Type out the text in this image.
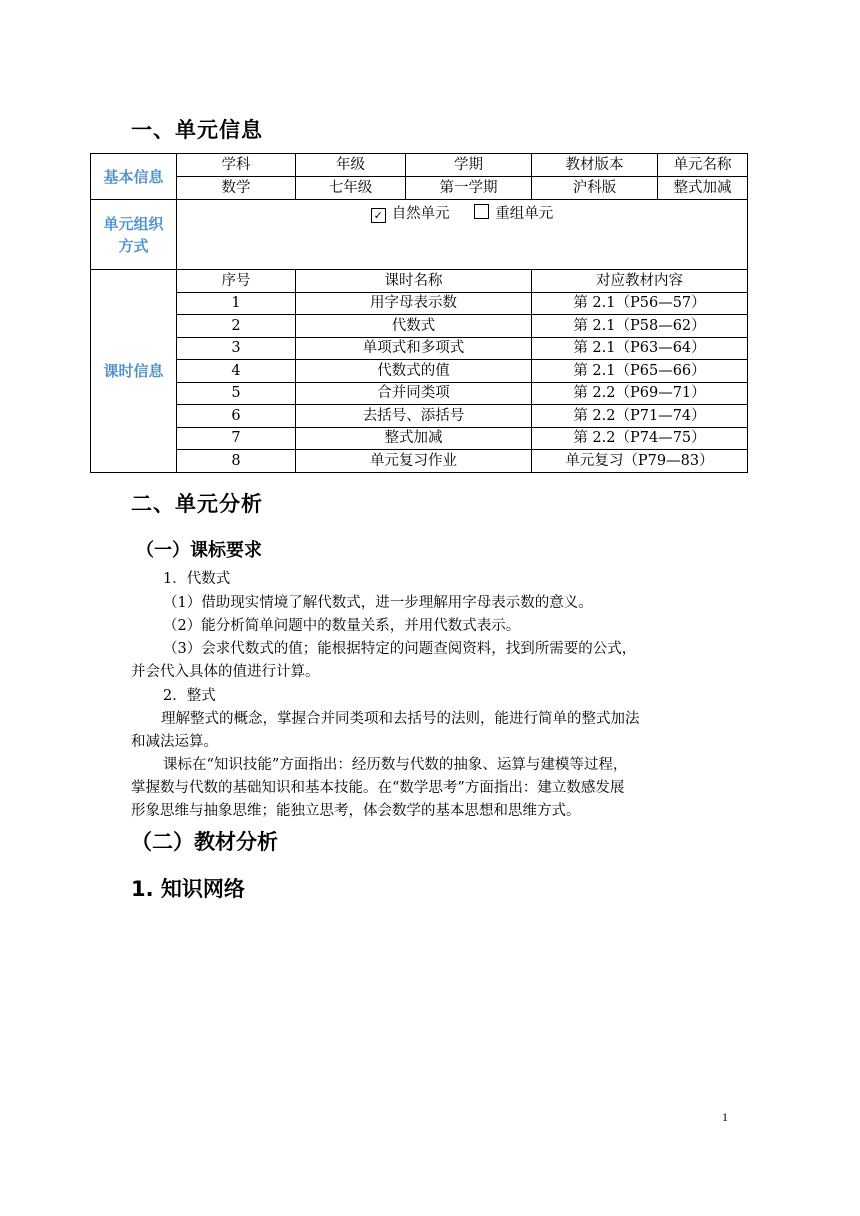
一、单元信息
基本信息	学科	年级	学期	教材版本	单元名称
	数学	七年级	第一学期	沪科版	整式加减

单元组织
方式	✓ 自然单元 重组单元				
课时信息	序号	课时名称		对应教材内容	
	1	用字母表示数		第 2.1（P56—57）	
	2	代数式		第 2.1（P58—62）	
	3	单项式和多项式		第 2.1（P63—64）	
	4	代数式的值		第 2.1（P65—66）	
	5	合并同类项		第 2.2（P69—71）	
	6	去括号、添括号		第 2.2（P71—74）	
	7	整式加减		第 2.2（P74—75）	
	8	单元复习作业		单元复习（P79—83）	
二、单元分析
（一）课标要求
1．代数式
（1）借助现实情境了解代数式，进一步理解用字母表示数的意义。
（2）能分析简单问题中的数量关系，并用代数式表示。
（3）会求代数式的值；能根据特定的问题查阅资料，找到所需要的公式，
并会代入具体的值进行计算。
2．整式
理解整式的概念，掌握合并同类项和去括号的法则，能进行简单的整式加法
和减法运算。
课标在“知识技能”方面指出：经历数与代数的抽象、运算与建模等过程，
掌握数与代数的基础知识和基本技能。在“数学思考”方面指出：建立数感发展
形象思维与抽象思维；能独立思考，体会数学的基本思想和思维方式。
（二）教材分析
1. 知识网络
1
